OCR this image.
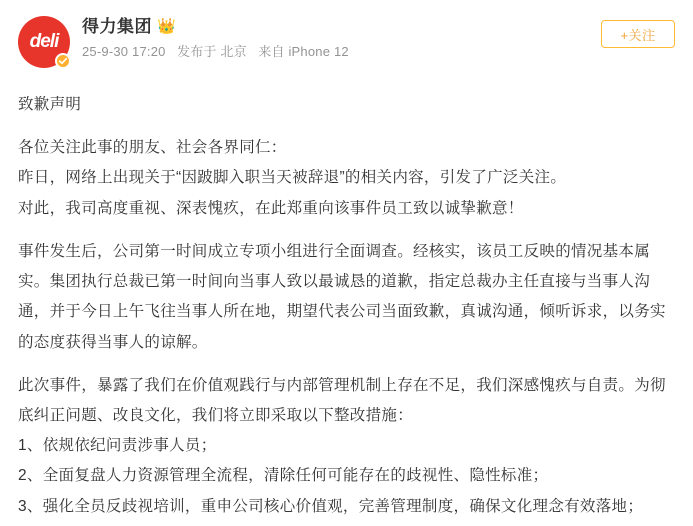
deli
得力集团 👑
25-9-30 17:20 发布于 北京 来自 iPhone 12
+关注

致歉声明

各位关注此事的朋友、社会各界同仁：

昨日，网络上出现关于“因跛脚入职当天被辞退”的相关内容，引发了广泛关注。

对此，我司高度重视、深表愧疚，在此郑重向该事件员工致以诚挚歉意！

事件发生后，公司第一时间成立专项小组进行全面调查。经核实，该员工反映的情况基本属实。集团执行总裁已第一时间向当事人致以最诚恳的道歉，指定总裁办主任直接与当事人沟通，并于今日上午飞往当事人所在地，期望代表公司当面致歉，真诚沟通，倾听诉求，以务实的态度获得当事人的谅解。

此次事件，暴露了我们在价值观践行与内部管理机制上存在不足，我们深感愧疚与自责。为彻底纠正问题、改良文化，我们将立即采取以下整改措施：

1、依规依纪问责涉事人员；

2、全面复盘人力资源管理全流程，清除任何可能存在的歧视性、隐性标准；

3、强化全员反歧视培训，重申公司核心价值观，完善管理制度，确保文化理念有效落地；
